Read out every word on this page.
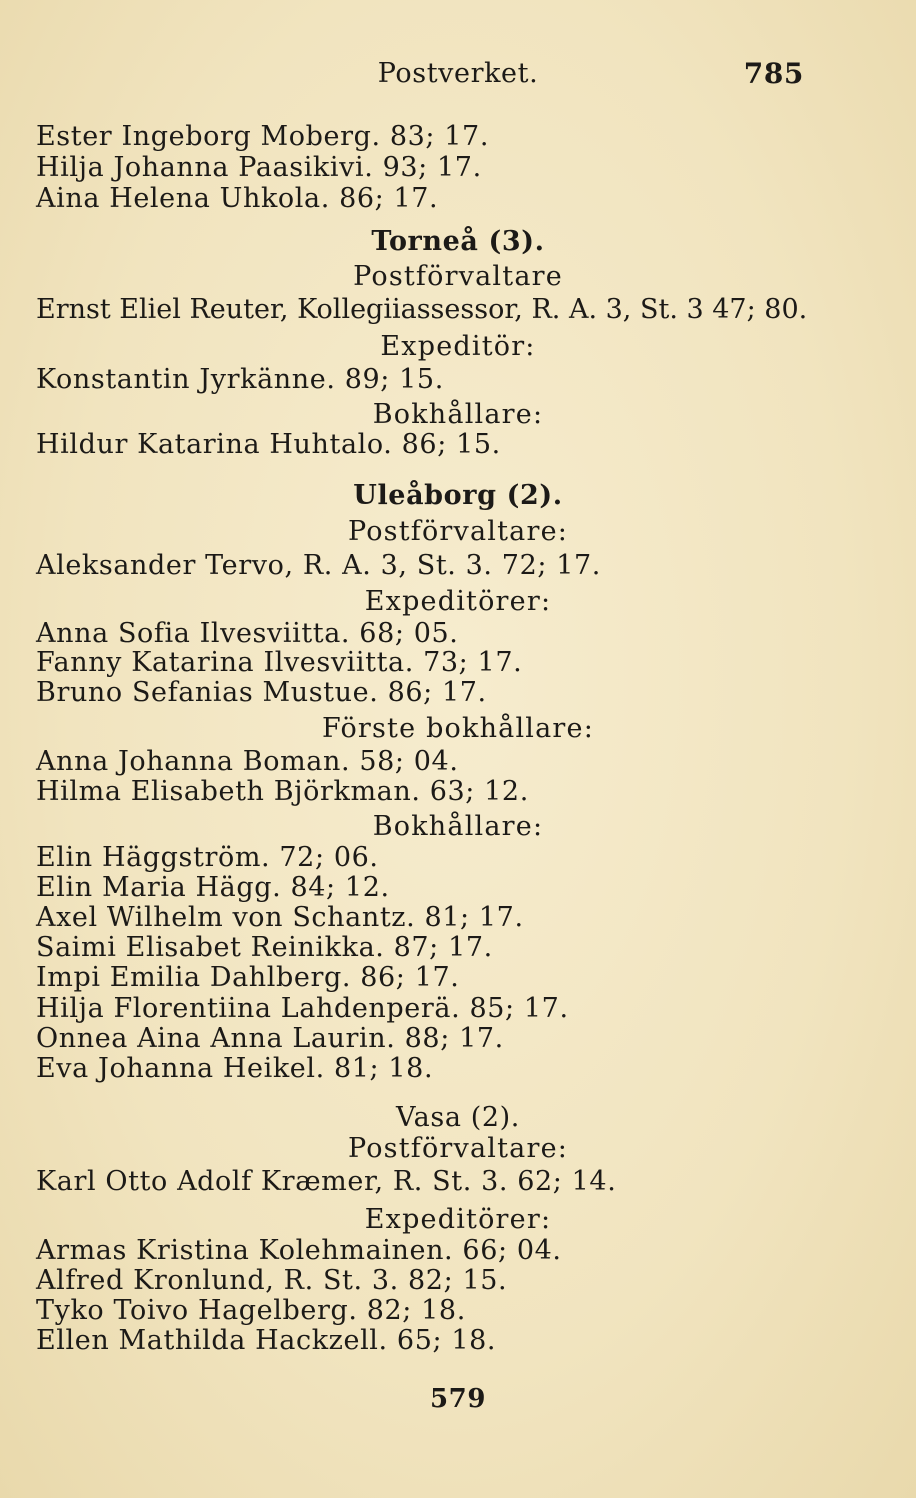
Postverket.	785
Ester Ingeborg Moberg. 83; 17.
Hilja Johanna Paasikivi. 93; 17.
Aina Helena Uhkola. 86; 17.
Torneå (3).
Postförvaltare
Ernst Eliel Reuter, Kollegiiassessor, R. A. 3, St. 3 47; 80.
Expeditör:
Konstantin Jyrkänne. 89; 15.
Bokhållare:
Hildur Katarina Huhtalo. 86; 15.
Uleåborg (2).
Postförvaltare:
Aleksander Tervo, R. A. 3, St. 3. 72; 17.
Expeditörer:
Anna Sofia Ilvesviitta. 68; 05.
Fanny Katarina Ilvesviitta. 73; 17.
Bruno Sefanias Mustue. 86; 17.
Förste bokhållare:
Anna Johanna Boman. 58; 04.
Hilma Elisabeth Björkman. 63; 12.
Bokhållare:
Elin Häggström. 72; 06.
Elin Maria Hägg. 84; 12.
Axel Wilhelm von Schantz. 81; 17.
Saimi Elisabet Reinikka. 87; 17.
Impi Emilia Dahlberg. 86; 17.
Hilja Florentiina Lahdenperä. 85; 17.
Onnea Aina Anna Laurin. 88; 17.
Eva Johanna Heikel. 81; 18.
Vasa (2).
Postförvaltare:
Karl Otto Adolf Kræmer, R. St. 3. 62; 14.
Expeditörer:
Armas Kristina Kolehmainen. 66; 04.
Alfred Kronlund, R. St. 3. 82; 15.
Tyko Toivo Hagelberg. 82; 18.
Ellen Mathilda Hackzell. 65; 18.
579
